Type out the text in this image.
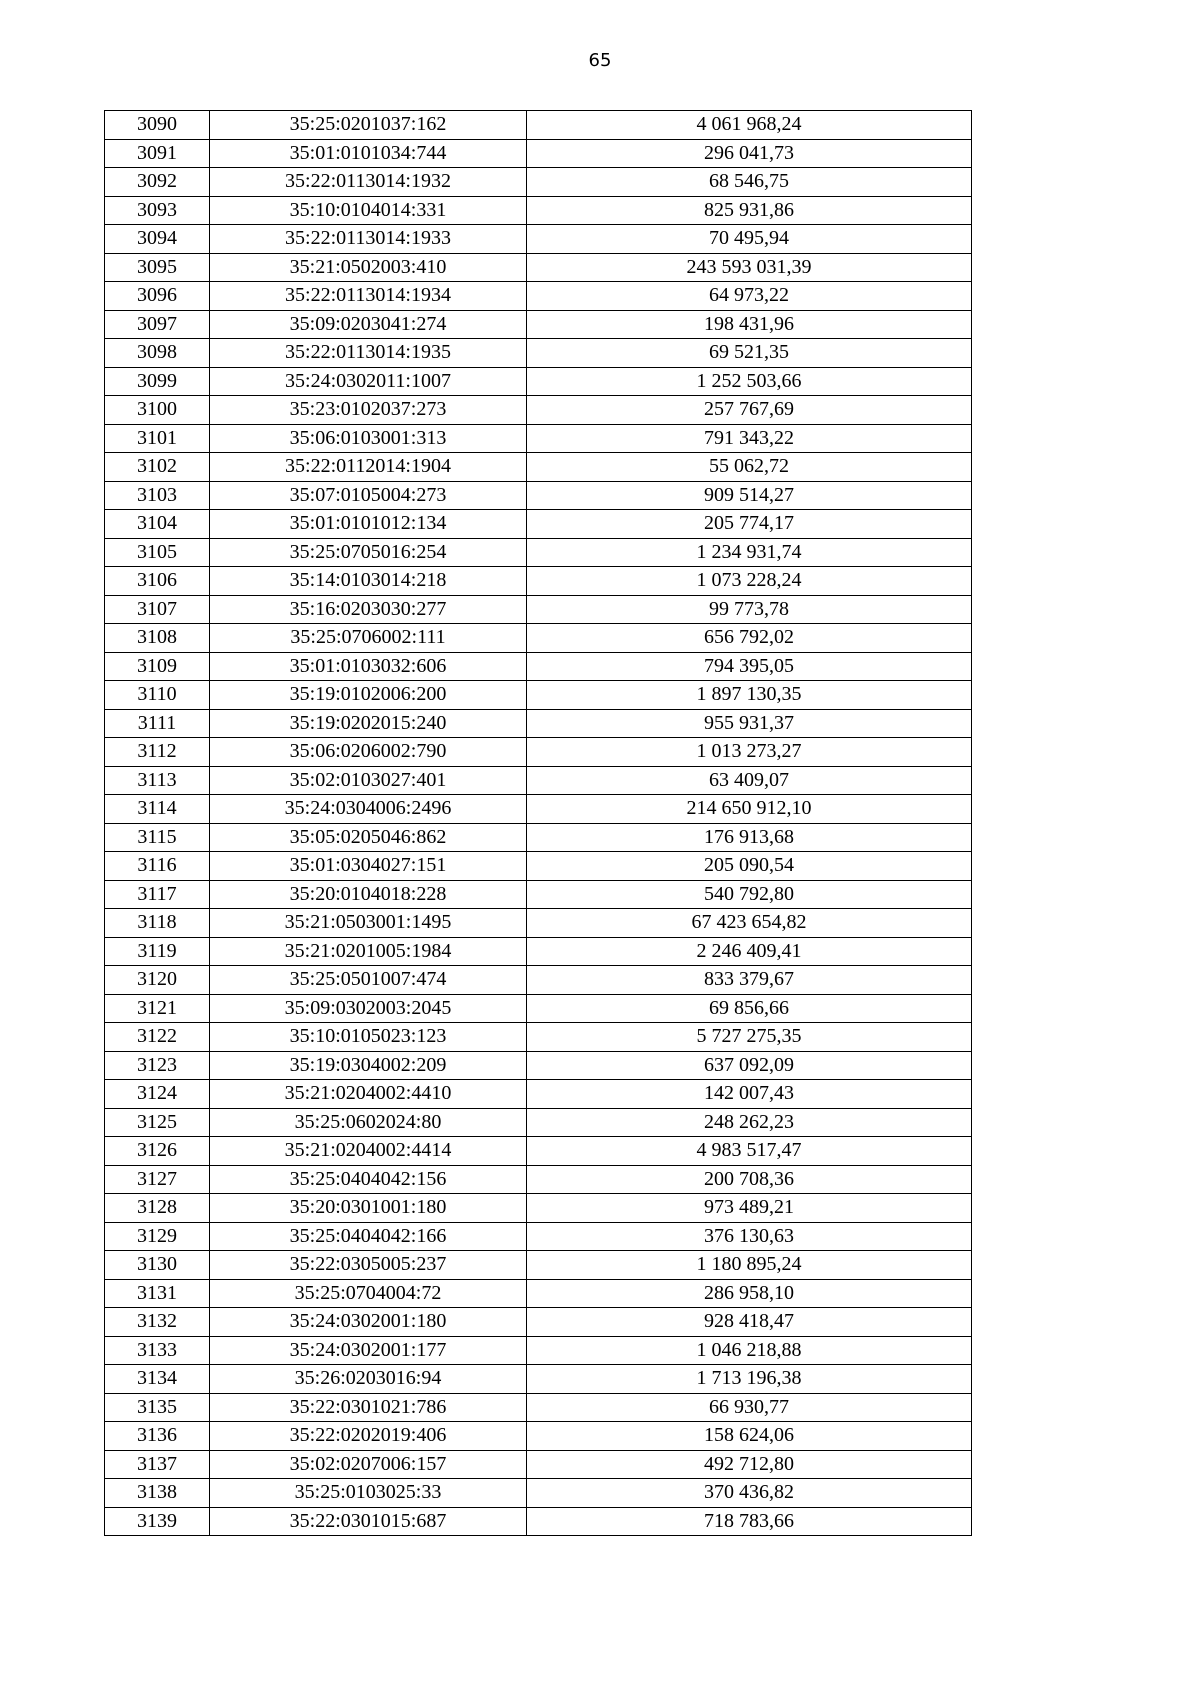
65
3090	35:25:0201037:162	4 061 968,24
3091	35:01:0101034:744	296 041,73
3092	35:22:0113014:1932	68 546,75
3093	35:10:0104014:331	825 931,86
3094	35:22:0113014:1933	70 495,94
3095	35:21:0502003:410	243 593 031,39
3096	35:22:0113014:1934	64 973,22
3097	35:09:0203041:274	198 431,96
3098	35:22:0113014:1935	69 521,35
3099	35:24:0302011:1007	1 252 503,66
3100	35:23:0102037:273	257 767,69
3101	35:06:0103001:313	791 343,22
3102	35:22:0112014:1904	55 062,72
3103	35:07:0105004:273	909 514,27
3104	35:01:0101012:134	205 774,17
3105	35:25:0705016:254	1 234 931,74
3106	35:14:0103014:218	1 073 228,24
3107	35:16:0203030:277	99 773,78
3108	35:25:0706002:111	656 792,02
3109	35:01:0103032:606	794 395,05
3110	35:19:0102006:200	1 897 130,35
3111	35:19:0202015:240	955 931,37
3112	35:06:0206002:790	1 013 273,27
3113	35:02:0103027:401	63 409,07
3114	35:24:0304006:2496	214 650 912,10
3115	35:05:0205046:862	176 913,68
3116	35:01:0304027:151	205 090,54
3117	35:20:0104018:228	540 792,80
3118	35:21:0503001:1495	67 423 654,82
3119	35:21:0201005:1984	2 246 409,41
3120	35:25:0501007:474	833 379,67
3121	35:09:0302003:2045	69 856,66
3122	35:10:0105023:123	5 727 275,35
3123	35:19:0304002:209	637 092,09
3124	35:21:0204002:4410	142 007,43
3125	35:25:0602024:80	248 262,23
3126	35:21:0204002:4414	4 983 517,47
3127	35:25:0404042:156	200 708,36
3128	35:20:0301001:180	973 489,21
3129	35:25:0404042:166	376 130,63
3130	35:22:0305005:237	1 180 895,24
3131	35:25:0704004:72	286 958,10
3132	35:24:0302001:180	928 418,47
3133	35:24:0302001:177	1 046 218,88
3134	35:26:0203016:94	1 713 196,38
3135	35:22:0301021:786	66 930,77
3136	35:22:0202019:406	158 624,06
3137	35:02:0207006:157	492 712,80
3138	35:25:0103025:33	370 436,82
3139	35:22:0301015:687	718 783,66
